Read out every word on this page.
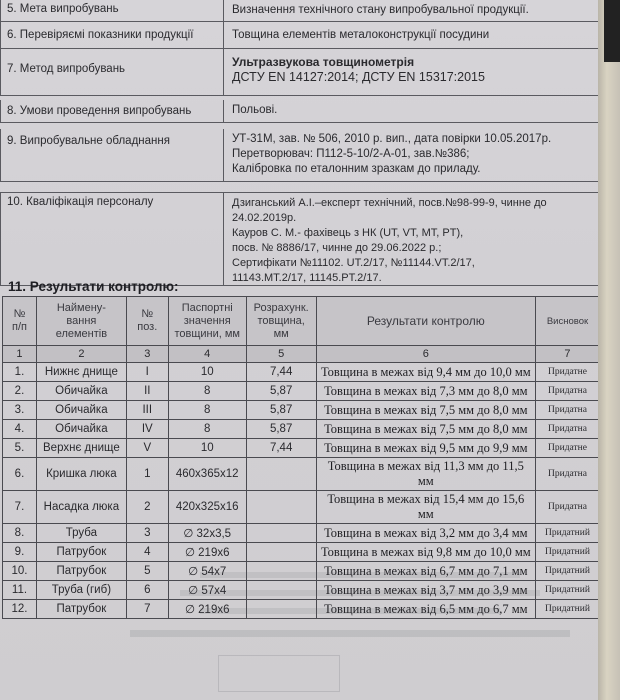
5. Мета випробувань	Визначення технічного стану випробувальної продукції.
6. Перевіряємі показники продукції	Товщина елементів металоконструкції посудини
7. Метод випробувань	Ультразвукова товщинометрія
ДСТУ EN 14127:2014; ДСТУ EN 15317:2015
8. Умови проведення випробувань	Польові.
9. Випробувальне обладнання	УТ-31М, зав. № 506, 2010 р. вип., дата повірки 10.05.2017р.
Перетворювач: П112-5-10/2-А-01, зав.№386;
Калібровка по еталонним зразкам до приладу.
10. Кваліфікація персоналу	Дзиганський А.І.–експерт технічний, посв.№98-99-9, чинне до 24.02.2019р.
Кауров С. М.- фахівець з НК (UT, VT, MT, PT),
посв. № 8886/17, чинне до 29.06.2022 р.;
Сертифікати №11102. UT.2/17, №11144.VT.2/17,
11143.MT.2/17, 11145.PT.2/17.
11. Результати контролю:
№
п/п	Наймену-
вання
елементів	№
поз.	Паспортні
значення
товщини, мм	Розрахунк.
товщина,
мм	Результати контролю	Висновок
1	2	3	4	5	6	7
1.	Нижнє днище	I	10	7,44	Товщина в межах від 9,4 мм до 10,0 мм	Придатне
2.	Обичайка	II	8	5,87	Товщина в межах від 7,3 мм до 8,0 мм	Придатна
3.	Обичайка	III	8	5,87	Товщина в межах від 7,5 мм до 8,0 мм	Придатна
4.	Обичайка	IV	8	5,87	Товщина в межах від 7,5 мм до 8,0 мм	Придатна
5.	Верхнє днище	V	10	7,44	Товщина в межах від 9,5 мм до 9,9 мм	Придатне
6.	Кришка люка	1	460x365x12		Товщина в межах від 11,3 мм до 11,5 мм	Придатна
7.	Насадка люка	2	420x325x16		Товщина в межах від 15,4 мм до 15,6 мм	Придатна
8.	Труба	3	∅ 32x3,5		Товщина в межах від 3,2 мм до 3,4 мм	Придатний
9.	Патрубок	4	∅ 219x6		Товщина в межах від 9,8 мм до 10,0 мм	Придатний
10.	Патрубок	5	∅ 54x7		Товщина в межах від 6,7 мм до 7,1 мм	Придатний
11.	Труба (гиб)	6	∅ 57x4		Товщина в межах від 3,7 мм до 3,9 мм	Придатний
12.	Патрубок	7	∅ 219x6		Товщина в межах від 6,5 мм до 6,7 мм	Придатний
